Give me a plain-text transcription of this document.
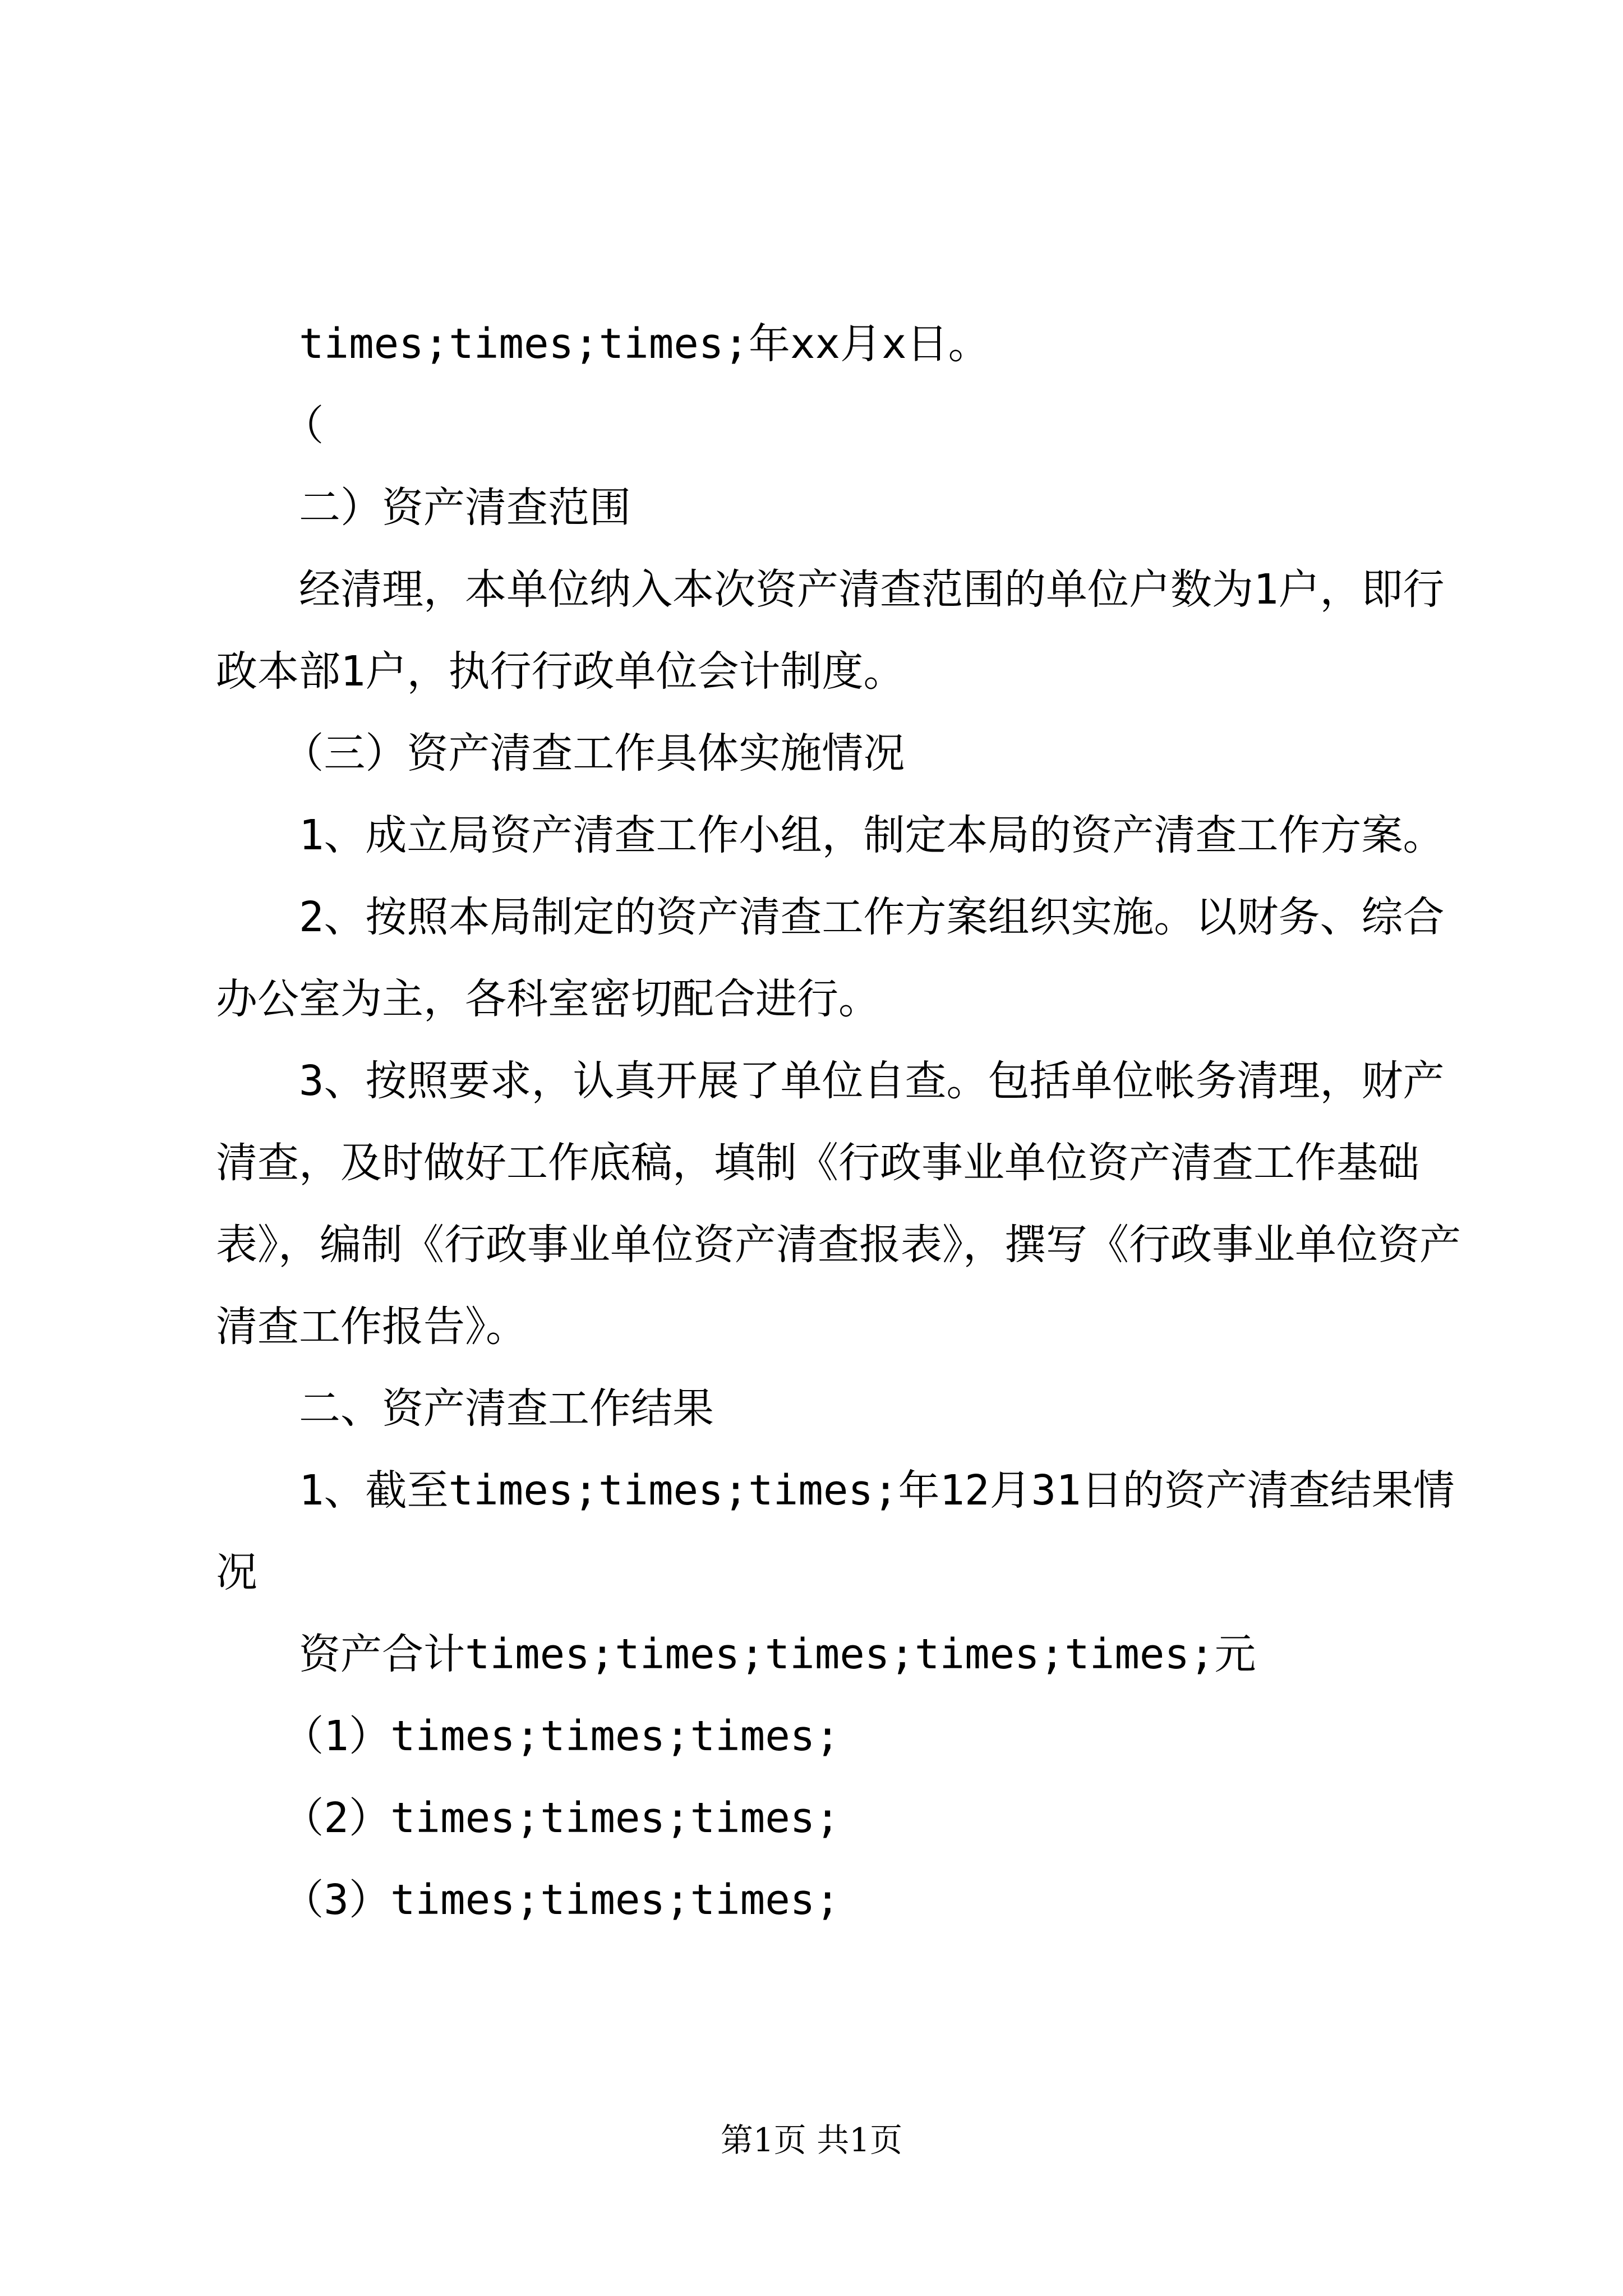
times;times;times;年xx月x日。

（

二）资产清查范围

经清理，本单位纳入本次资产清查范围的单位户数为1户，即行政本部1户，执行行政单位会计制度。

（三）资产清查工作具体实施情况

1、成立局资产清查工作小组，制定本局的资产清查工作方案。

2、按照本局制定的资产清查工作方案组织实施。以财务、综合办公室为主，各科室密切配合进行。

3、按照要求，认真开展了单位自查。包括单位帐务清理，财产清查，及时做好工作底稿，填制《行政事业单位资产清查工作基础表》，编制《行政事业单位资产清查报表》，撰写《行政事业单位资产清查工作报告》。

二、资产清查工作结果

1、截至times;times;times;年12月31日的资产清查结果情况

资产合计times;times;times;times;times;元

（1）times;times;times;

（2）times;times;times;

（3）times;times;times;

第1页 共1页
